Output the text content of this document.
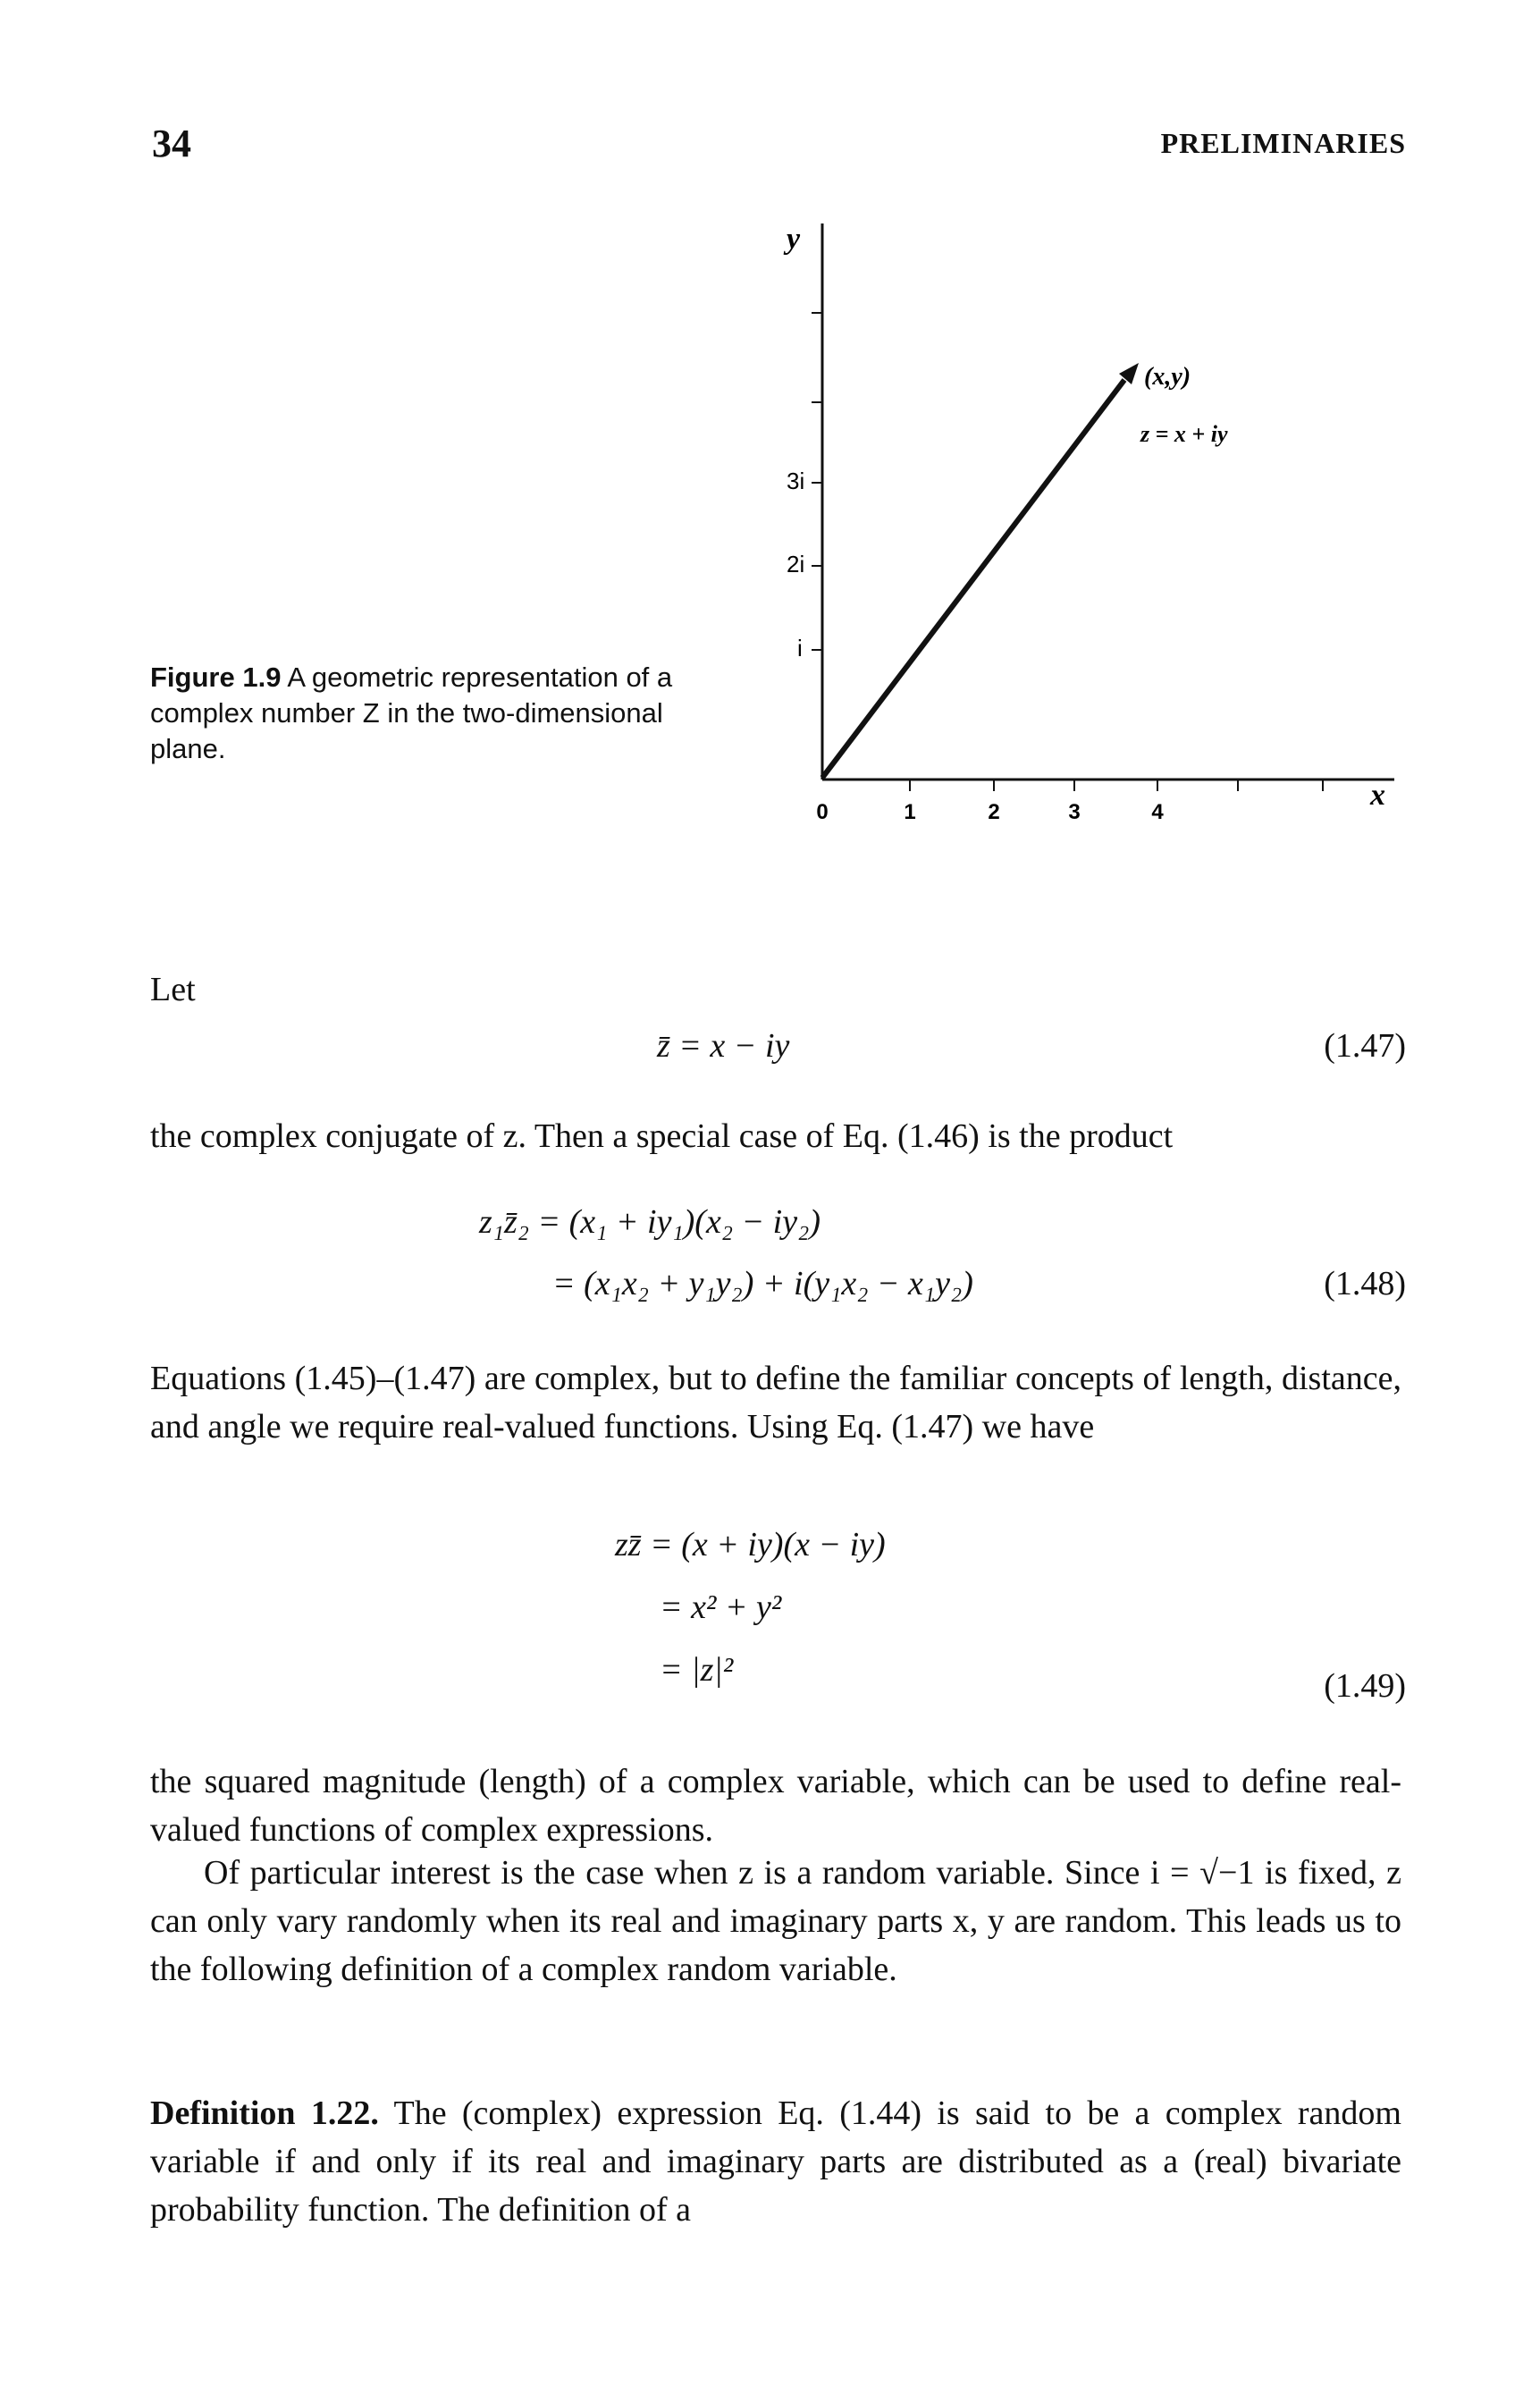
34	PRELIMINARIES
Figure 1.9 A geometric representation of a complex number Z in the two-dimensional plane.
y
x
3i
2i
i
0	1	2	3	4
(x,y)
z = x + iy
Let
z̄ = x − iy	(1.47)
the complex conjugate of z. Then a special case of Eq. (1.46) is the product
z₁z̄₂ = (x₁ + iy₁)(x₂ − iy₂)
= (x₁x₂ + y₁y₂) + i(y₁x₂ − x₁y₂)	(1.48)
Equations (1.45)–(1.47) are complex, but to define the familiar concepts of length, distance, and angle we require real-valued functions. Using Eq. (1.47) we have
zz̄ = (x + iy)(x − iy)
= x² + y²
= |z|²	(1.49)
the squared magnitude (length) of a complex variable, which can be used to define real-valued functions of complex expressions.
Of particular interest is the case when z is a random variable. Since i = √−1 is fixed, z can only vary randomly when its real and imaginary parts x, y are random. This leads us to the following definition of a complex random variable.
Definition 1.22. The (complex) expression Eq. (1.44) is said to be a complex random variable if and only if its real and imaginary parts are distributed as a (real) bivariate probability function. The definition of a
